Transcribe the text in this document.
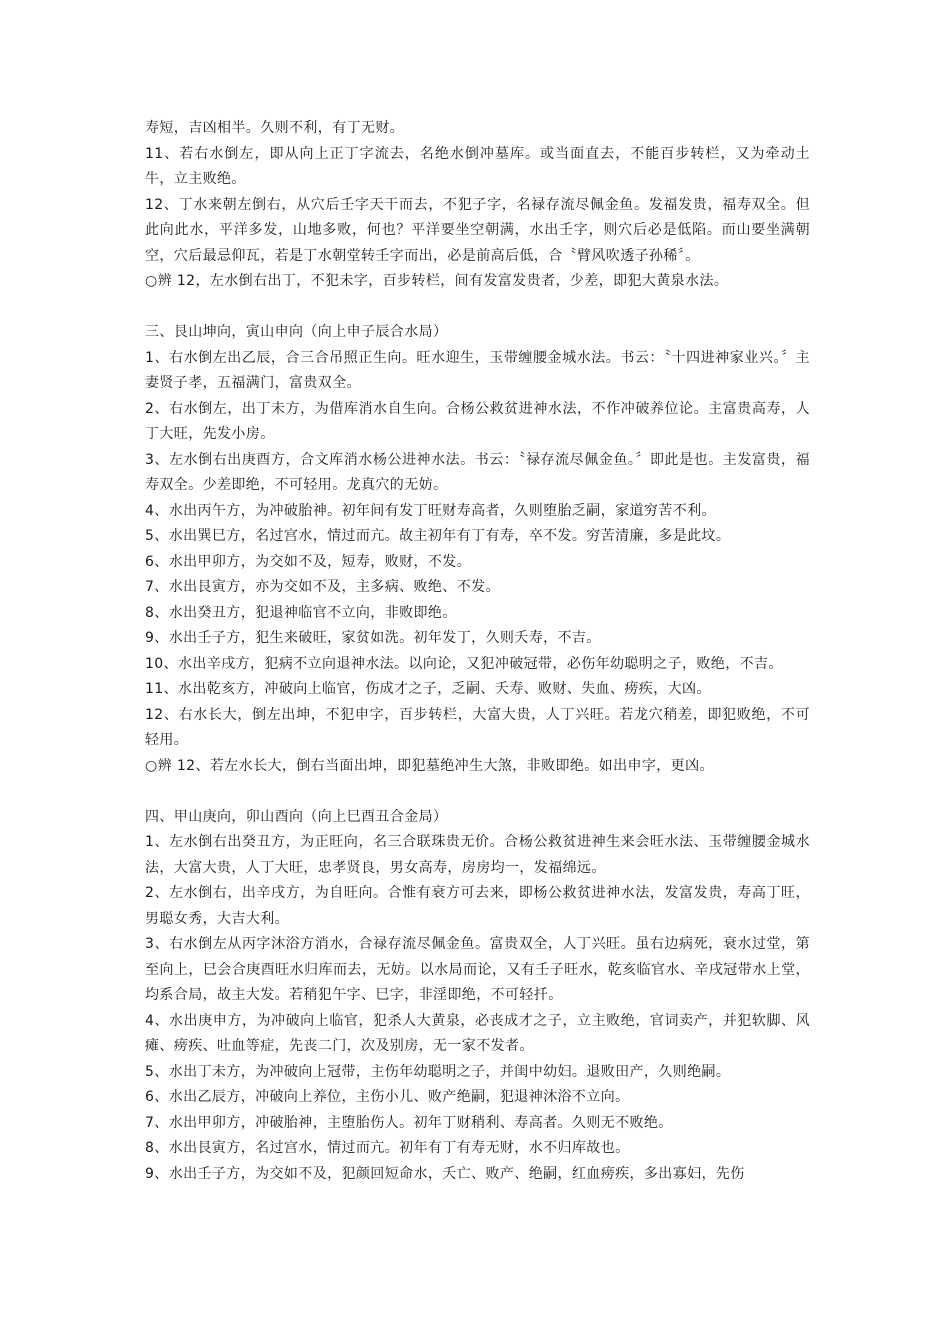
寿短，吉凶相半。久则不利，有丁无财。
11、若右水倒左，即从向上正丁字流去，名绝水倒冲墓库。或当面直去，不能百步转栏，又为牵动土牛，立主败绝。
12、丁水来朝左倒右，从穴后壬字天干而去，不犯子字，名禄存流尽佩金鱼。发福发贵，福寿双全。但此向此水，平洋多发，山地多败，何也？平洋要坐空朝满，水出壬字，则穴后必是低陷。而山要坐满朝空，穴后最忌仰瓦，若是丁水朝堂转壬字而出，必是前高后低，合〝臂风吹透子孙稀〞。
○辨 12，左水倒右出丁，不犯未字，百步转栏，间有发富发贵者，少差，即犯大黄泉水法。
三、艮山坤向，寅山申向（向上申子辰合水局）
1、右水倒左出乙辰，合三合吊照正生向。旺水迎生，玉带缠腰金城水法。书云：〝十四进神家业兴。〞主妻贤子孝，五福满门，富贵双全。
2、右水倒左，出丁未方，为借库消水自生向。合杨公救贫进神水法，不作冲破养位论。主富贵高寿，人丁大旺，先发小房。
3、左水倒右出庚酉方，合文库消水杨公进神水法。书云：〝禄存流尽佩金鱼。〞即此是也。主发富贵，福寿双全。少差即绝，不可轻用。龙真穴的无妨。
4、水出丙午方，为冲破胎神。初年间有发丁旺财寿高者，久则堕胎乏嗣，家道穷苦不利。
5、水出巽巳方，名过宫水，情过而亢。故主初年有丁有寿，卒不发。穷苦清廉，多是此坟。
6、水出甲卯方，为交如不及，短寿，败财，不发。
7、水出艮寅方，亦为交如不及，主多病、败绝、不发。
8、水出癸丑方，犯退神临官不立向，非败即绝。
9、水出壬子方，犯生来破旺，家贫如洗。初年发丁，久则夭寿，不吉。
10、水出辛戌方，犯病不立向退神水法。以向论，又犯冲破冠带，必伤年幼聪明之子，败绝，不吉。
11、水出乾亥方，冲破向上临官，伤成才之子，乏嗣、夭寿、败财、失血、痨疾，大凶。
12、右水长大，倒左出坤，不犯申字，百步转栏，大富大贵，人丁兴旺。若龙穴稍差，即犯败绝，不可轻用。
○辨 12、若左水长大，倒右当面出坤，即犯墓绝冲生大煞，非败即绝。如出申字，更凶。
四、甲山庚向，卯山酉向（向上巳酉丑合金局）
1、左水倒右出癸丑方，为正旺向，名三合联珠贵无价。合杨公救贫进神生来会旺水法、玉带缠腰金城水法，大富大贵，人丁大旺，忠孝贤良，男女高寿，房房均一，发福绵远。
2、左水倒右，出辛戌方，为自旺向。合惟有衰方可去来，即杨公救贫进神水法，发富发贵，寿高丁旺，男聪女秀，大吉大利。
3、右水倒左从丙字沐浴方消水，合禄存流尽佩金鱼。富贵双全，人丁兴旺。虽右边病死，衰水过堂，第至向上，巳会合庚酉旺水归库而去，无妨。以水局而论，又有壬子旺水，乾亥临官水、辛戌冠带水上堂，均系合局，故主大发。若稍犯午字、巳字，非淫即绝，不可轻扦。
4、水出庚申方，为冲破向上临官，犯杀人大黄泉，必丧成才之子，立主败绝，官词卖产，并犯软脚、风瘫、痨疾、吐血等症，先丧二门，次及别房，无一家不发者。
5、水出丁未方，为冲破向上冠带，主伤年幼聪明之子，并闺中幼妇。退败田产，久则绝嗣。
6、水出乙辰方，冲破向上养位，主伤小儿、败产绝嗣，犯退神沐浴不立向。
7、水出甲卯方，冲破胎神，主堕胎伤人。初年丁财稍利、寿高者。久则无不败绝。
8、水出艮寅方，名过宫水，情过而亢。初年有丁有寿无财，水不归库故也。
9、水出壬子方，为交如不及，犯颜回短命水，夭亡、败产、绝嗣，红血痨疾，多出寡妇，先伤
